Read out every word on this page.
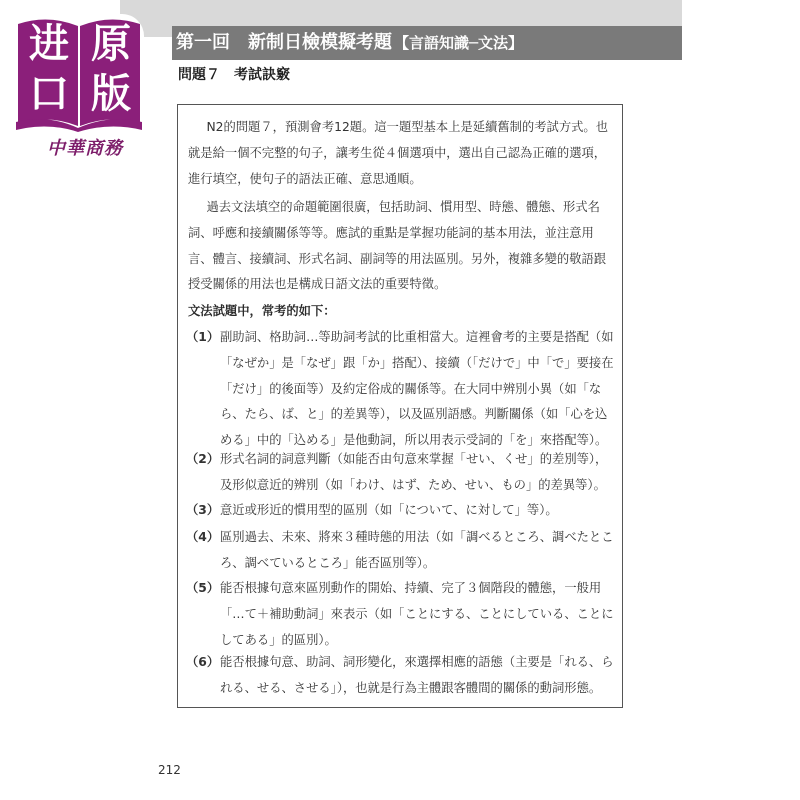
第一回　新制日檢模擬考題 【言語知識─文法】
进 原
口 版
中華商務
問題７　考試訣竅

N2的問題７，預測會考12題。這一題型基本上是延續舊制的考試方式。也就是給一個不完整的句子，讓考生從４個選項中，選出自己認為正確的選項，進行填空，使句子的語法正確、意思通順。

過去文法填空的命題範圍很廣，包括助詞、慣用型、時態、體態、形式名詞、呼應和接續關係等等。應試的重點是掌握功能詞的基本用法，並注意用言、體言、接續詞、形式名詞、副詞等的用法區別。另外，複雜多變的敬語跟授受關係的用法也是構成日語文法的重要特徵。

文法試題中，常考的如下：
（1） 副助詞、格助詞…等助詞考試的比重相當大。這裡會考的主要是搭配（如「なぜか」是「なぜ」跟「か」搭配）、接續（「だけで」中「で」要接在「だけ」的後面等）及約定俗成的關係等。在大同中辨別小異（如「なら、たら、ば、と」的差異等），以及區別語感。判斷關係（如「心を込める」中的「込める」是他動詞，所以用表示受詞的「を」來搭配等）。
（2） 形式名詞的詞意判斷（如能否由句意來掌握「せい、くせ」的差別等），及形似意近的辨別（如「わけ、はず、ため、せい、もの」的差異等）。
（3） 意近或形近的慣用型的區別（如「について、に対して」等）。
（4） 區別過去、未來、將來３種時態的用法（如「調べるところ、調べたところ、調べているところ」能否區別等）。
（5） 能否根據句意來區別動作的開始、持續、完了３個階段的體態，一般用「…て＋補助動詞」來表示（如「ことにする、ことにしている、ことにしてある」的區別）。
（6） 能否根據句意、助詞、詞形變化，來選擇相應的語態（主要是「れる、られる、せる、させる」），也就是行為主體跟客體間的關係的動詞形態。
212
